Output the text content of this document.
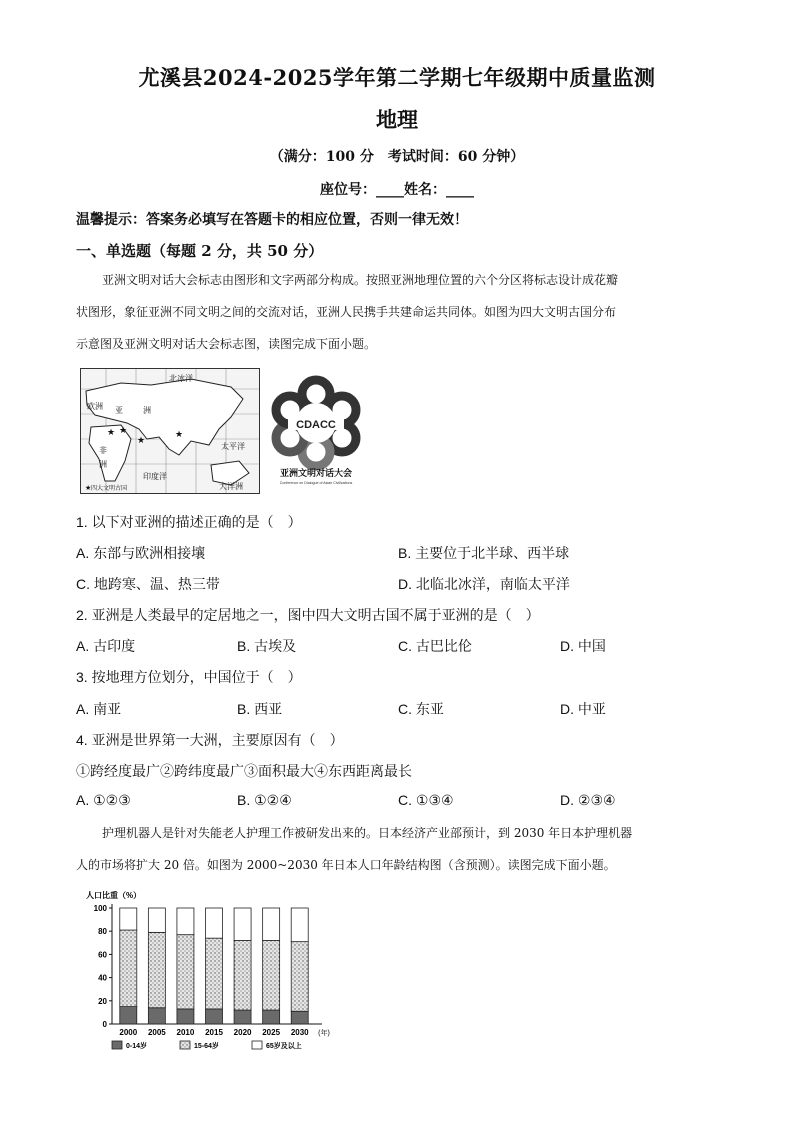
尤溪县2024-2025学年第二学期七年级期中质量监测
地理
（满分：100 分　考试时间：60 分钟）
座位号：____姓名：____
温馨提示：答案务必填写在答题卡的相应位置，否则一律无效！
一、单选题（每题 2 分，共 50 分）
亚洲文明对话大会标志由图形和文字两部分构成。按照亚洲地理位置的六个分区将标志设计成花瓣
状图形，象征亚洲不同文明之间的交流对话，亚洲人民携手共建命运共同体。如图为四大文明古国分布
示意图及亚洲文明对话大会标志图，读图完成下面小题。
北冰洋
欧洲 亚	洲
太平洋
印度洋
大洋洲
非
洲
四大文明古国
★ ★
★
★
★
CDACC
亚洲文明对话大会
Conference on Dialogue of Asian Civilizations
1. 以下对亚洲的描述正确的是（　）
A. 东部与欧洲相接壤	B. 主要位于北半球、西半球
C. 地跨寒、温、热三带	D. 北临北冰洋，南临太平洋
2. 亚洲是人类最早的定居地之一，图中四大文明古国不属于亚洲的是（　）
A. 古印度	B. 古埃及	C. 古巴比伦	D. 中国
3. 按地理方位划分，中国位于（　）
A. 南亚	B. 西亚	C. 东亚	D. 中亚
4. 亚洲是世界第一大洲，主要原因有（　）
①跨经度最广②跨纬度最广③面积最大④东西距离最长
A. ①②③	B. ①②④	C. ①③④	D. ②③④
护理机器人是针对失能老人护理工作被研发出来的。日本经济产业部预计，到 2030 年日本护理机器
人的市场将扩大 20 倍。如图为 2000~2030 年日本人口年龄结构图（含预测）。读图完成下面小题。
人口比重（%）
0
20
40
60
80
100
2000 2005 2010 2015 2020 2025 2030 (年)
0-14岁	15-64岁	65岁及以上
